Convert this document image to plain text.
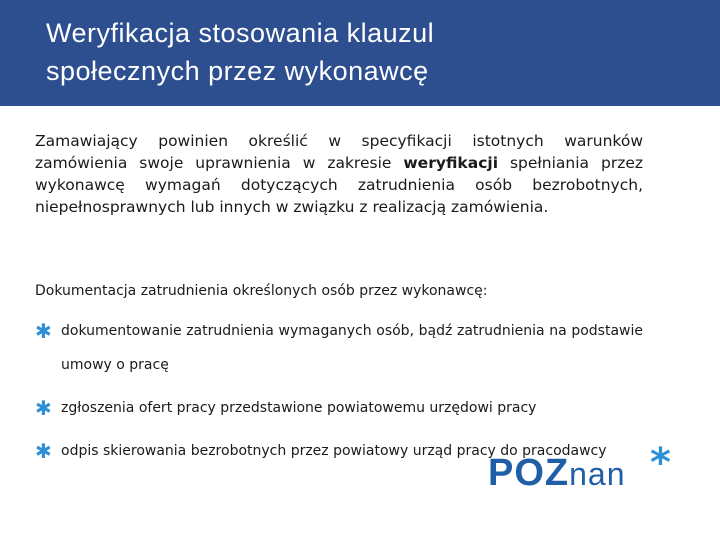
Weryfikacja stosowania klauzul
społecznych przez wykonawcę
Zamawiający powinien określić w specyfikacji istotnych warunków zamówienia swoje uprawnienia w zakresie weryfikacji spełniania przez wykonawcę wymagań dotyczących zatrudnienia osób bezrobotnych, niepełnosprawnych lub innych w związku z realizacją zamówienia.
Dokumentacja zatrudnienia określonych osób przez wykonawcę:
✱ dokumentowanie zatrudnienia wymaganych osób, bądź zatrudnienia na podstawie umowy o pracę
✱ zgłoszenia ofert pracy przedstawione powiatowemu urzędowi pracy
✱ odpis skierowania bezrobotnych przez powiatowy urząd pracy do pracodawcy
POZnan *
